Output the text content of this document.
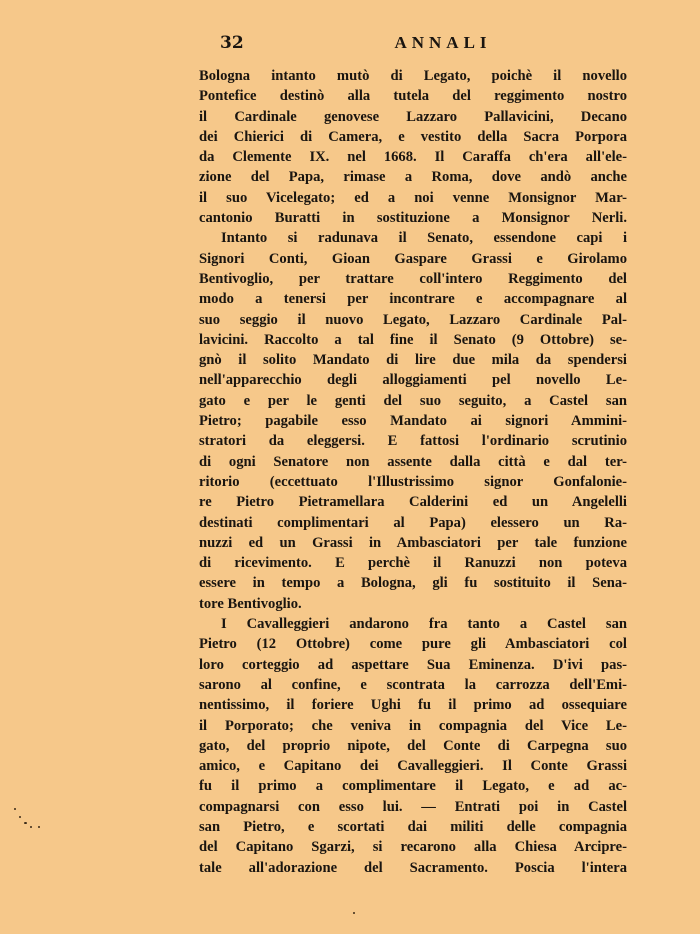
32	ANNALI
Bologna intanto mutò di Legato, poichè il novello
Pontefice destinò alla tutela del reggimento nostro
il Cardinale genovese Lazzaro Pallavicini, Decano
dei Chierici di Camera, e vestito della Sacra Porpora
da Clemente IX. nel 1668. Il Caraffa ch'era all'ele-
zione del Papa, rimase a Roma, dove andò anche
il suo Vicelegato; ed a noi venne Monsignor Mar-
cantonio Buratti in sostituzione a Monsignor Nerli.
Intanto si radunava il Senato, essendone capi i
Signori Conti, Gioan Gaspare Grassi e Girolamo
Bentivoglio, per trattare coll'intero Reggimento del
modo a tenersi per incontrare e accompagnare al
suo seggio il nuovo Legato, Lazzaro Cardinale Pal-
lavicini. Raccolto a tal fine il Senato (9 Ottobre) se-
gnò il solito Mandato di lire due mila da spendersi
nell'apparecchio degli alloggiamenti pel novello Le-
gato e per le genti del suo seguito, a Castel san
Pietro; pagabile esso Mandato ai signori Ammini-
stratori da eleggersi. E fattosi l'ordinario scrutinio
di ogni Senatore non assente dalla città e dal ter-
ritorio (eccettuato l'Illustrissimo signor Gonfalonie-
re Pietro Pietramellara Calderini ed un Angelelli
destinati complimentari al Papa) elessero un Ra-
nuzzi ed un Grassi in Ambasciatori per tale funzione
di ricevimento. E perchè il Ranuzzi non poteva
essere in tempo a Bologna, gli fu sostituito il Sena-
tore Bentivoglio.
I Cavalleggieri andarono fra tanto a Castel san
Pietro (12 Ottobre) come pure gli Ambasciatori col
loro corteggio ad aspettare Sua Eminenza. D'ivi pas-
sarono al confine, e scontrata la carrozza dell'Emi-
nentissimo, il foriere Ughi fu il primo ad ossequiare
il Porporato; che veniva in compagnia del Vice Le-
gato, del proprio nipote, del Conte di Carpegna suo
amico, e Capitano dei Cavalleggieri. Il Conte Grassi
fu il primo a complimentare il Legato, e ad ac-
compagnarsi con esso lui. — Entrati poi in Castel
san Pietro, e scortati dai militi delle compagnia
del Capitano Sgarzi, si recarono alla Chiesa Arcipre-
tale all'adorazione del Sacramento. Poscia l'intera
